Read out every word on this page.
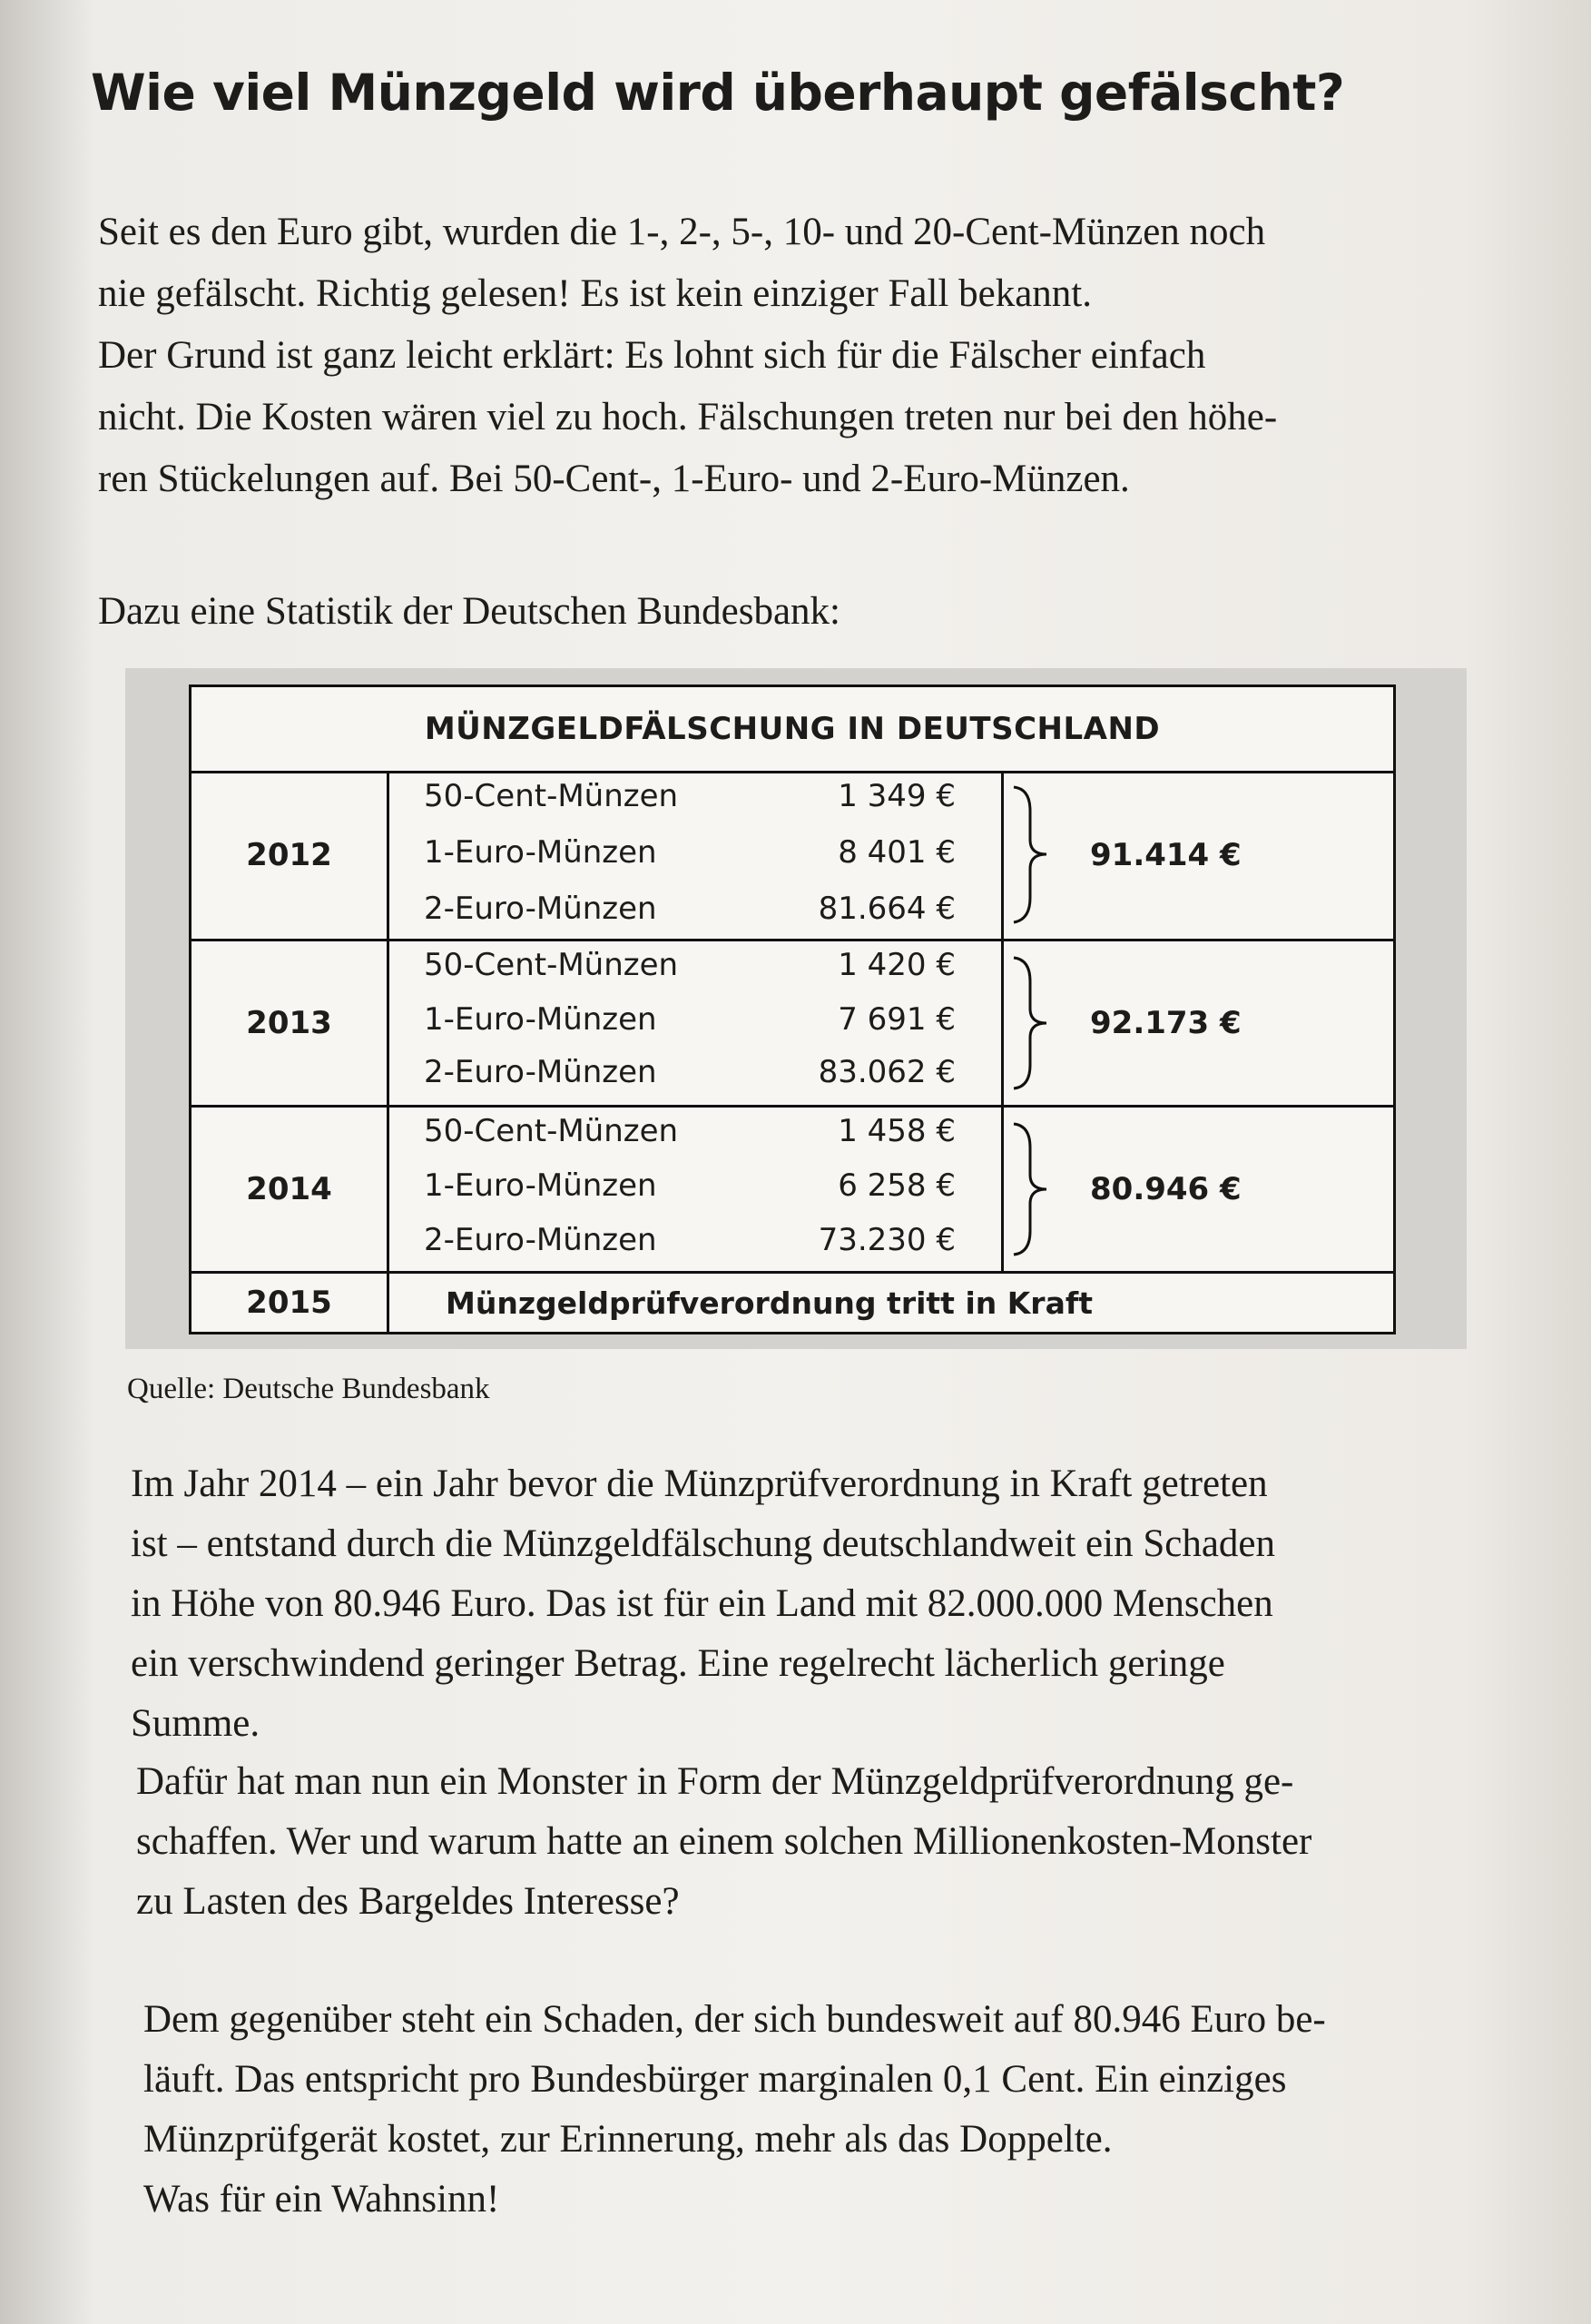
Wie viel Münzgeld wird überhaupt gefälscht?

Seit es den Euro gibt, wurden die 1-, 2-, 5-, 10- und 20-Cent-Münzen noch
nie gefälscht. Richtig gelesen! Es ist kein einziger Fall bekannt.

Der Grund ist ganz leicht erklärt: Es lohnt sich für die Fälscher einfach
nicht. Die Kosten wären viel zu hoch. Fälschungen treten nur bei den höhe-
ren Stückelungen auf. Bei 50-Cent-, 1-Euro- und 2-Euro-Münzen.

Dazu eine Statistik der Deutschen Bundesbank:

MÜNZGELDFÄLSCHUNG IN DEUTSCHLAND
2012
50-Cent-Münzen	1 349 €
1-Euro-Münzen	8 401 €
2-Euro-Münzen	81.664 €
91.414 €
2013
50-Cent-Münzen	1 420 €
1-Euro-Münzen	7 691 €
2-Euro-Münzen	83.062 €
92.173 €
2014
50-Cent-Münzen	1 458 €
1-Euro-Münzen	6 258 €
2-Euro-Münzen	73.230 €
80.946 €
2015	Münzgeldprüfverordnung tritt in Kraft

Quelle: Deutsche Bundesbank

Im Jahr 2014 – ein Jahr bevor die Münzprüfverordnung in Kraft getreten
ist – entstand durch die Münzgeldfälschung deutschlandweit ein Schaden
in Höhe von 80.946 Euro. Das ist für ein Land mit 82.000.000 Menschen
ein verschwindend geringer Betrag. Eine regelrecht lächerlich geringe
Summe.

Dafür hat man nun ein Monster in Form der Münzgeldprüfverordnung ge-
schaffen. Wer und warum hatte an einem solchen Millionenkosten-Monster
zu Lasten des Bargeldes Interesse?

Dem gegenüber steht ein Schaden, der sich bundesweit auf 80.946 Euro be-
läuft. Das entspricht pro Bundesbürger marginalen 0,1 Cent. Ein einziges
Münzprüfgerät kostet, zur Erinnerung, mehr als das Doppelte.
Was für ein Wahnsinn!
